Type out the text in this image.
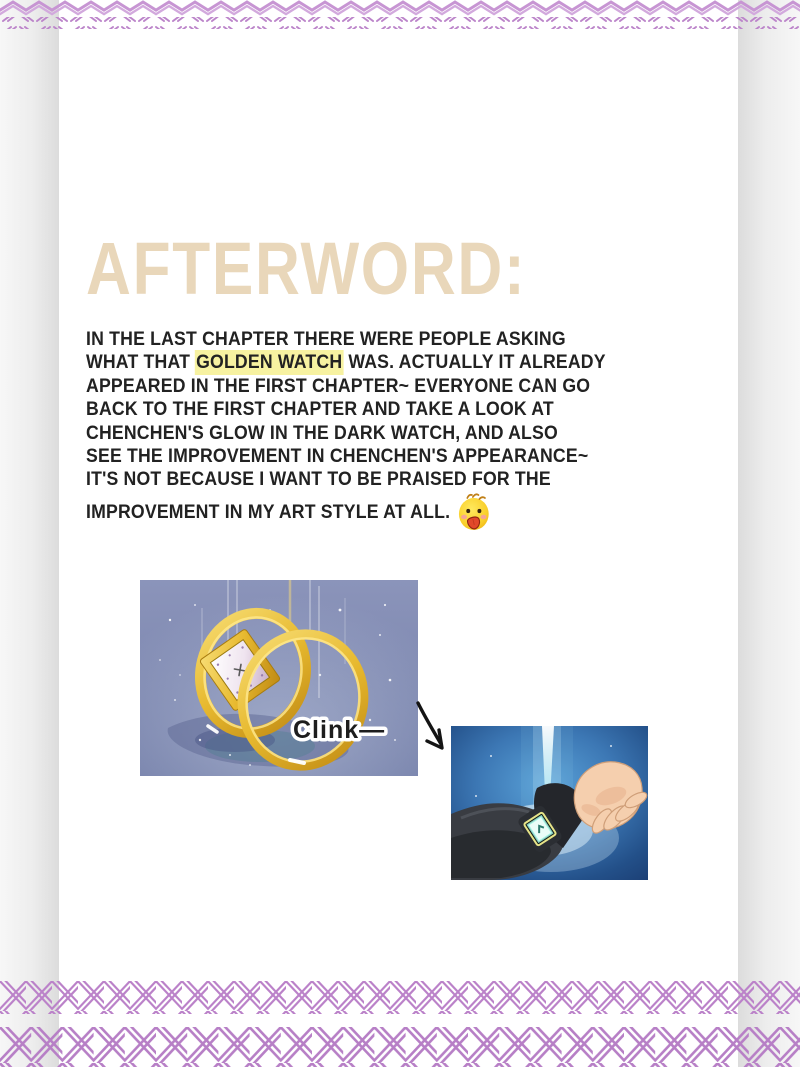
AFTERWORD:
IN THE LAST CHAPTER THERE WERE PEOPLE ASKING
WHAT THAT GOLDEN WATCH WAS. ACTUALLY IT ALREADY
APPEARED IN THE FIRST CHAPTER~ EVERYONE CAN GO
BACK TO THE FIRST CHAPTER AND TAKE A LOOK AT
CHENCHEN'S GLOW IN THE DARK WATCH, AND ALSO
SEE THE IMPROVEMENT IN CHENCHEN'S APPEARANCE~
IT'S NOT BECAUSE I WANT TO BE PRAISED FOR THE
IMPROVEMENT IN MY ART STYLE AT ALL.
Clink—
